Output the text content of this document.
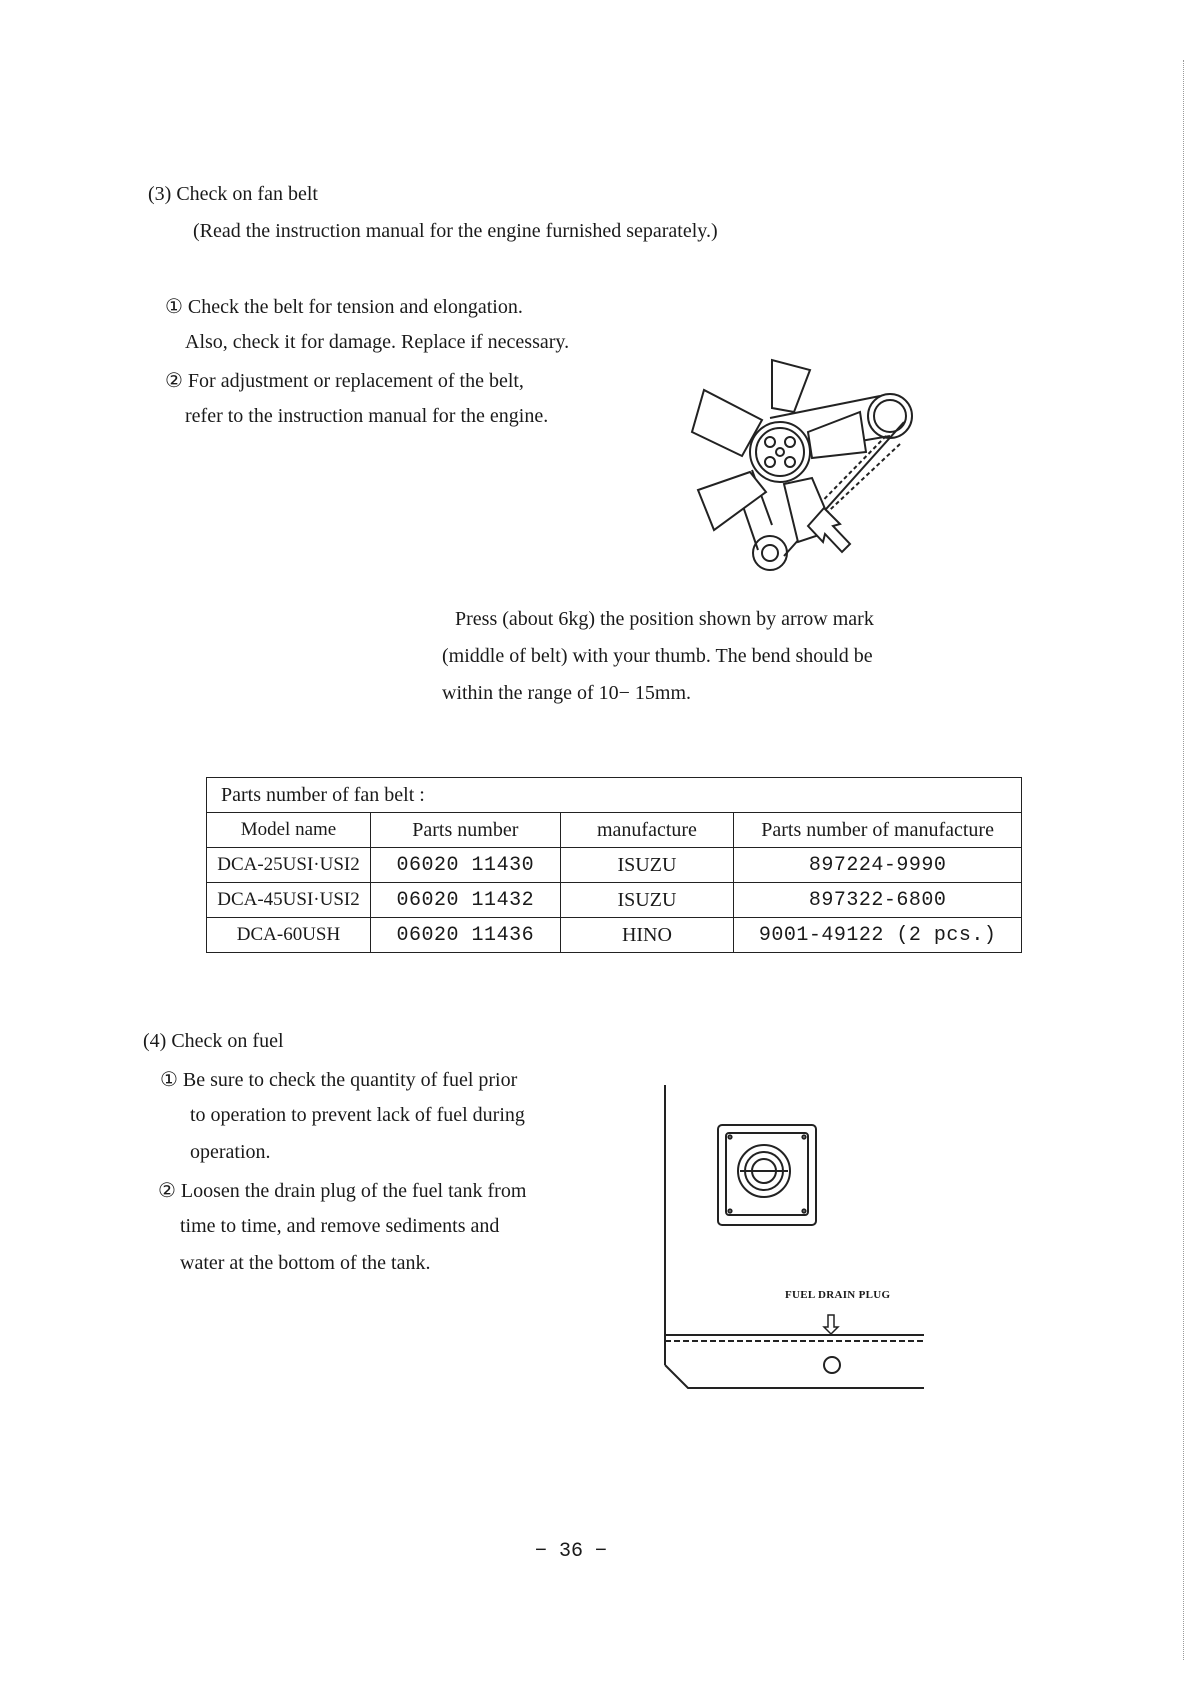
(3) Check on fan belt
(Read the instruction manual for the engine furnished separately.)
① Check the belt for tension and elongation.
Also, check it for damage. Replace if necessary.
② For adjustment or replacement of the belt,
refer to the instruction manual for the engine.
Press (about 6kg) the position shown by arrow mark
(middle of belt) with your thumb. The bend should be
within the range of 10− 15mm.
Parts number of fan belt :			
Model name	Parts number	manufacture	Parts number of manufacture
DCA-25USI·USI2	06020 11430	ISUZU	897224-9990
DCA-45USI·USI2	06020 11432	ISUZU	897322-6800
DCA-60USH	06020 11436	HINO	9001-49122 (2 pcs.)
(4) Check on fuel
① Be sure to check the quantity of fuel prior
to operation to prevent lack of fuel during
operation.
② Loosen the drain plug of the fuel tank from
time to time, and remove sediments and
water at the bottom of the tank.
FUEL DRAIN PLUG
− 36 −
